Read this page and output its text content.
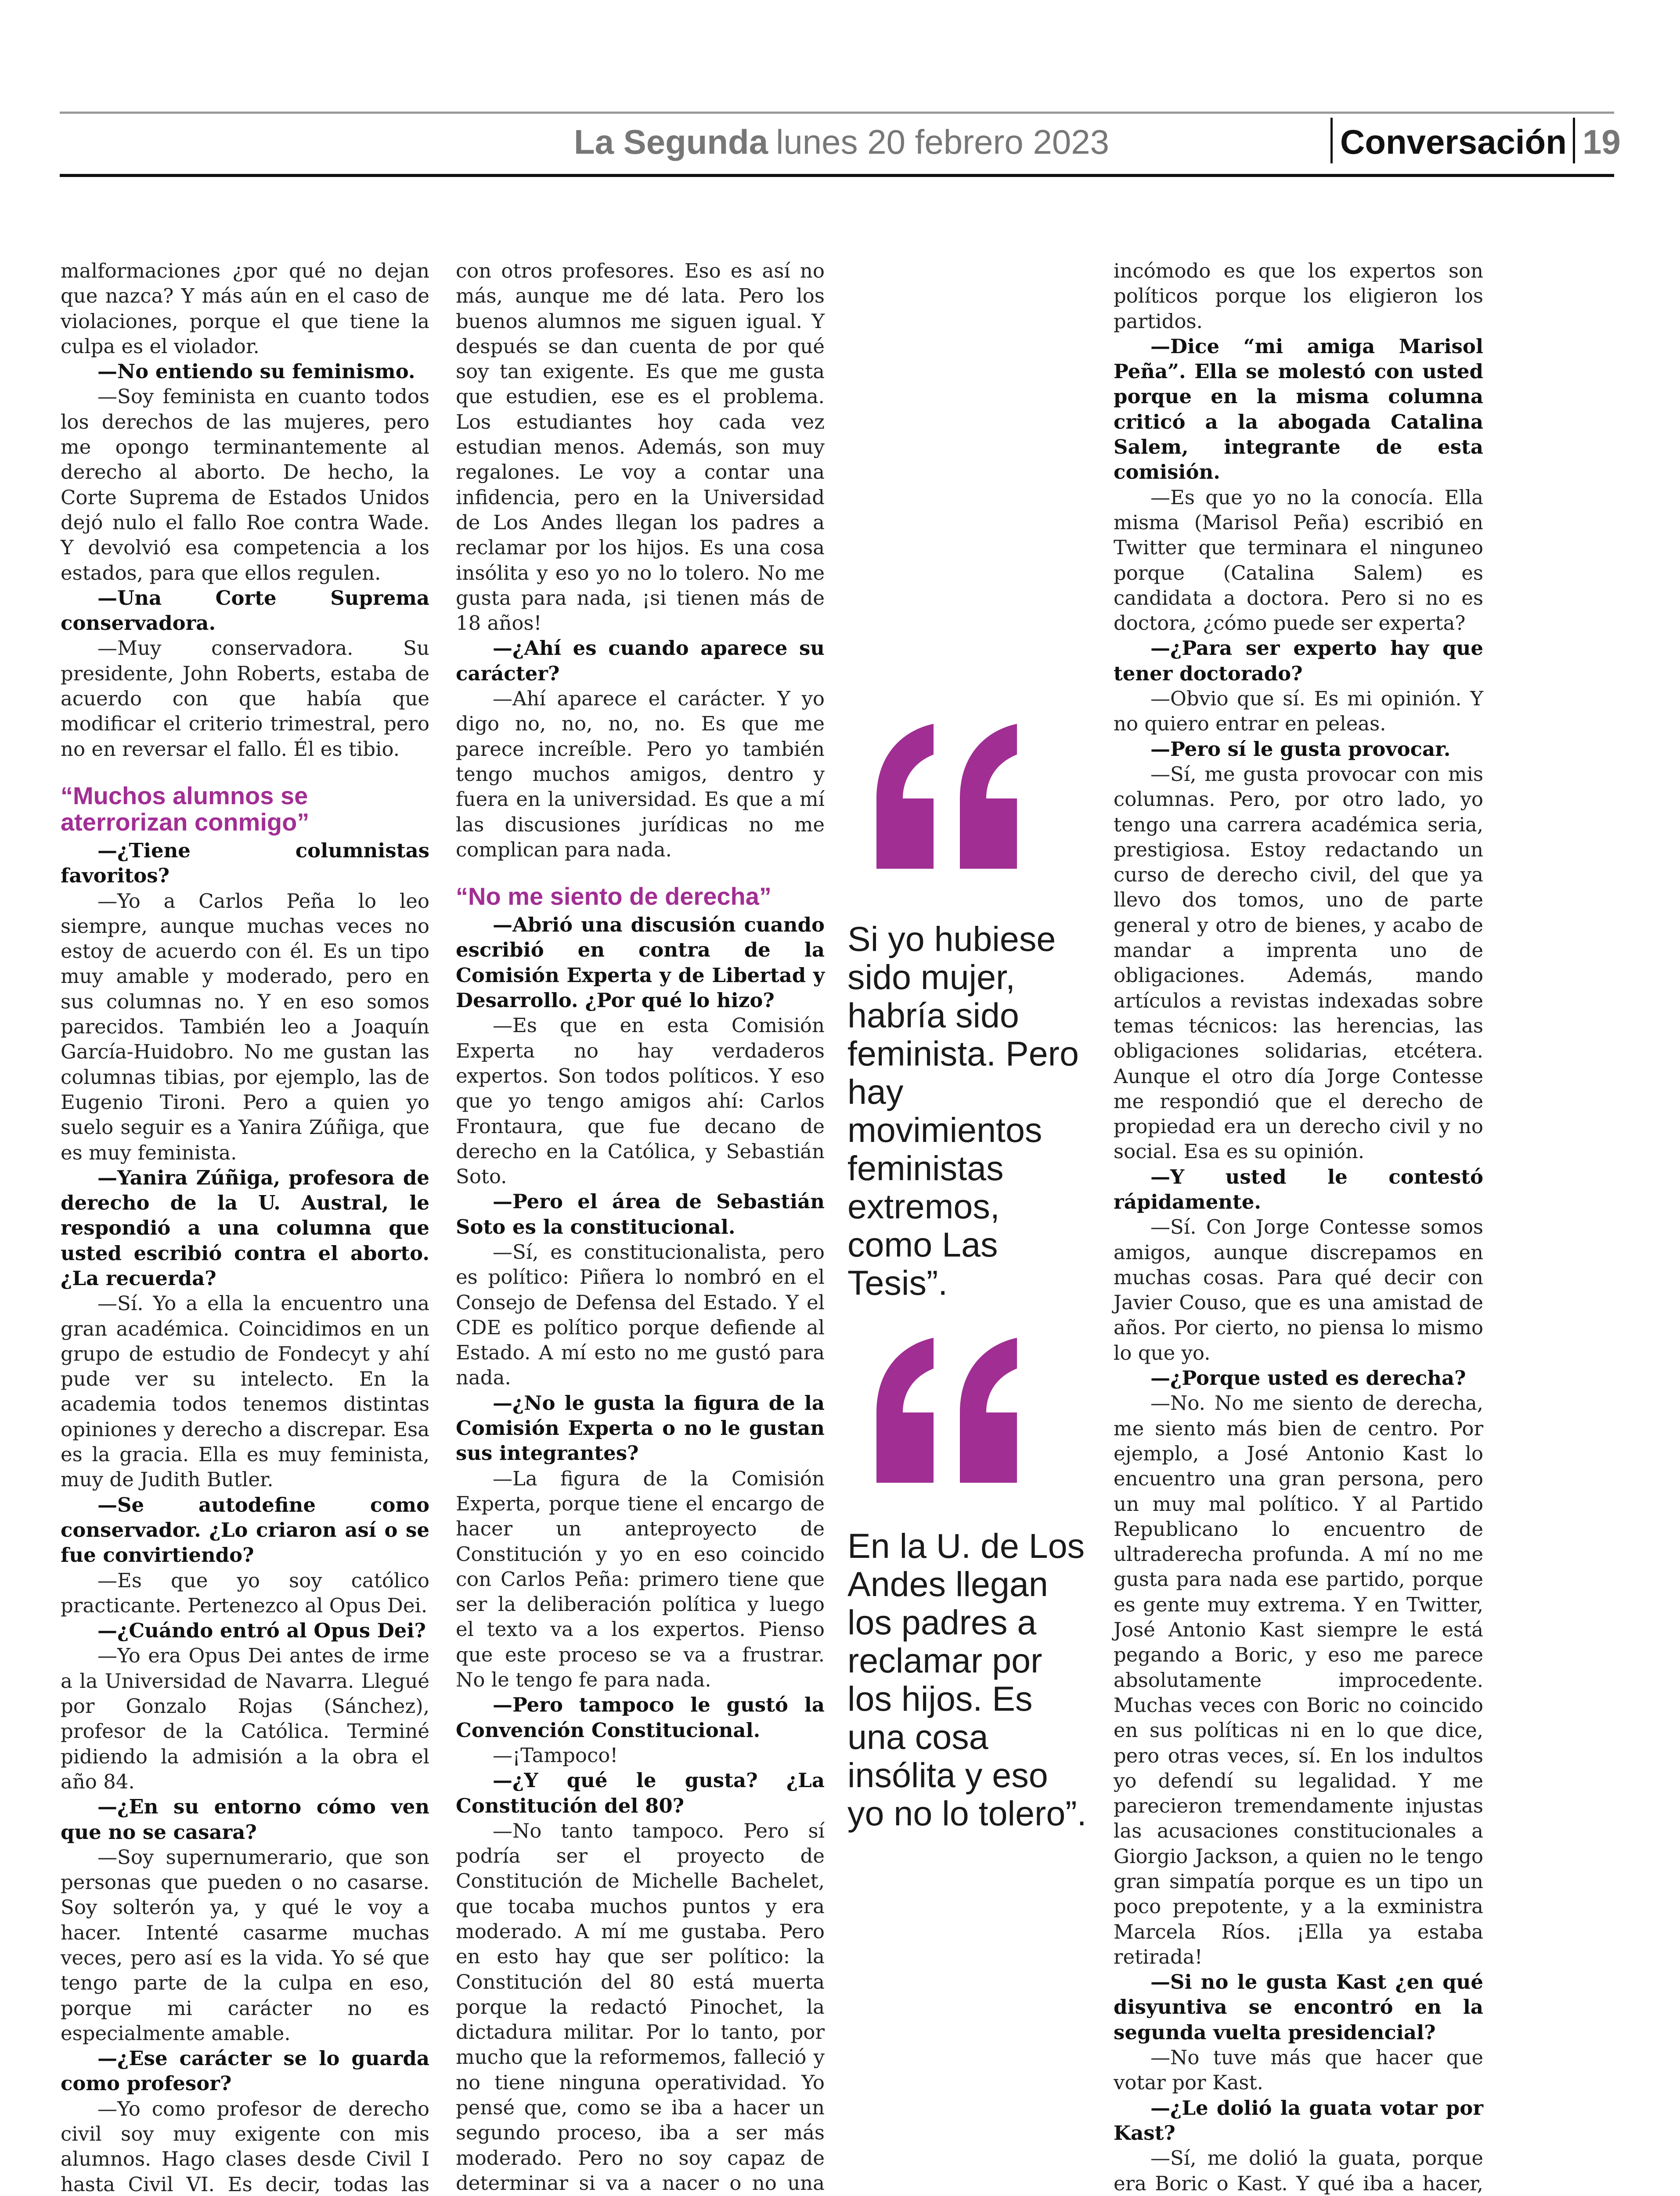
La Segunda lunes 20 febrero 2023	Conversación 19

malformaciones ¿por qué no dejan que nazca? Y más aún en el caso de violaciones, porque el que tiene la culpa es el violador.

—No entiendo su feminismo.

—Soy feminista en cuanto todos los derechos de las mujeres, pero me opongo terminantemente al derecho al aborto. De hecho, la Corte Suprema de Estados Unidos dejó nulo el fallo Roe contra Wade. Y devolvió esa competencia a los estados, para que ellos regulen.

—Una Corte Suprema conservadora.

—Muy conservadora. Su presidente, John Roberts, estaba de acuerdo con que había que modificar el criterio trimestral, pero no en reversar el fallo. Él es tibio.

“Muchos alumnos se aterrorizan conmigo”

—¿Tiene columnistas favoritos?

—Yo a Carlos Peña lo leo siempre, aunque muchas veces no estoy de acuerdo con él. Es un tipo muy amable y moderado, pero en sus columnas no. Y en eso somos parecidos. También leo a Joaquín García-Huidobro. No me gustan las columnas tibias, por ejemplo, las de Eugenio Tironi. Pero a quien yo suelo seguir es a Yanira Zúñiga, que es muy feminista.

—Yanira Zúñiga, profesora de derecho de la U. Austral, le respondió a una columna que usted escribió contra el aborto. ¿La recuerda?

—Sí. Yo a ella la encuentro una gran académica. Coincidimos en un grupo de estudio de Fondecyt y ahí pude ver su intelecto. En la academia todos tenemos distintas opiniones y derecho a discrepar. Esa es la gracia. Ella es muy feminista, muy de Judith Butler.

—Se autodefine como conservador. ¿Lo criaron así o se fue convirtiendo?

—Es que yo soy católico practicante. Pertenezco al Opus Dei.

—¿Cuándo entró al Opus Dei?

—Yo era Opus Dei antes de irme a la Universidad de Navarra. Llegué por Gonzalo Rojas (Sánchez), profesor de la Católica. Terminé pidiendo la admisión a la obra el año 84.

—¿En su entorno cómo ven que no se casara?

—Soy supernumerario, que son personas que pueden o no casarse. Soy solterón ya, y qué le voy a hacer. Intenté casarme muchas veces, pero así es la vida. Yo sé que tengo parte de la culpa en eso, porque mi carácter no es especialmente amable.

—¿Ese carácter se lo guarda como profesor?

—Yo como profesor de derecho civil soy muy exigente con mis alumnos. Hago clases desde Civil I hasta Civil VI. Es decir, todas las

con otros profesores. Eso es así no más, aunque me dé lata. Pero los buenos alumnos me siguen igual. Y después se dan cuenta de por qué soy tan exigente. Es que me gusta que estudien, ese es el problema. Los estudiantes hoy cada vez estudian menos. Además, son muy regalones. Le voy a contar una infidencia, pero en la Universidad de Los Andes llegan los padres a reclamar por los hijos. Es una cosa insólita y eso yo no lo tolero. No me gusta para nada, ¡si tienen más de 18 años!

—¿Ahí es cuando aparece su carácter?

—Ahí aparece el carácter. Y yo digo no, no, no, no. Es que me parece increíble. Pero yo también tengo muchos amigos, dentro y fuera en la universidad. Es que a mí las discusiones jurídicas no me complican para nada.

“No me siento de derecha”

—Abrió una discusión cuando escribió en contra de la Comisión Experta y de Libertad y Desarrollo. ¿Por qué lo hizo?

—Es que en esta Comisión Experta no hay verdaderos expertos. Son todos políticos. Y eso que yo tengo amigos ahí: Carlos Frontaura, que fue decano de derecho en la Católica, y Sebastián Soto.

—Pero el área de Sebastián Soto es la constitucional.

—Sí, es constitucionalista, pero es político: Piñera lo nombró en el Consejo de Defensa del Estado. Y el CDE es político porque defiende al Estado. A mí esto no me gustó para nada.

—¿No le gusta la figura de la Comisión Experta o no le gustan sus integrantes?

—La figura de la Comisión Experta, porque tiene el encargo de hacer un anteproyecto de Constitución y yo en eso coincido con Carlos Peña: primero tiene que ser la deliberación política y luego el texto va a los expertos. Pienso que este proceso se va a frustrar. No le tengo fe para nada.

—Pero tampoco le gustó la Convención Constitucional.

—¡Tampoco!

—¿Y qué le gusta? ¿La Constitución del 80?

—No tanto tampoco. Pero sí podría ser el proyecto de Constitución de Michelle Bachelet, que tocaba muchos puntos y era moderado. A mí me gustaba. Pero en esto hay que ser político: la Constitución del 80 está muerta porque la redactó Pinochet, la dictadura militar. Por lo tanto, por mucho que la reformemos, falleció y no tiene ninguna operatividad. Yo pensé que, como se iba a hacer un segundo proceso, iba a ser más moderado. Pero no soy capaz de determinar si va a nacer o no una

Si yo hubiese sido mujer, habría sido feminista. Pero hay movimientos feministas extremos, como Las Tesis”.
En la U. de Los Andes llegan los padres a reclamar por los hijos. Es una cosa insólita y eso yo no lo tolero”.

incómodo es que los expertos son políticos porque los eligieron los partidos.

—Dice “mi amiga Marisol Peña”. Ella se molestó con usted porque en la misma columna criticó a la abogada Catalina Salem, integrante de esta comisión.

—Es que yo no la conocía. Ella misma (Marisol Peña) escribió en Twitter que terminara el ninguneo porque (Catalina Salem) es candidata a doctora. Pero si no es doctora, ¿cómo puede ser experta?

—¿Para ser experto hay que tener doctorado?

—Obvio que sí. Es mi opinión. Y no quiero entrar en peleas.

—Pero sí le gusta provocar.

—Sí, me gusta provocar con mis columnas. Pero, por otro lado, yo tengo una carrera académica seria, prestigiosa. Estoy redactando un curso de derecho civil, del que ya llevo dos tomos, uno de parte general y otro de bienes, y acabo de mandar a imprenta uno de obligaciones. Además, mando artículos a revistas indexadas sobre temas técnicos: las herencias, las obligaciones solidarias, etcétera. Aunque el otro día Jorge Contesse me respondió que el derecho de propiedad era un derecho civil y no social. Esa es su opinión.

—Y usted le contestó rápidamente.

—Sí. Con Jorge Contesse somos amigos, aunque discrepamos en muchas cosas. Para qué decir con Javier Couso, que es una amistad de años. Por cierto, no piensa lo mismo lo que yo.

—¿Porque usted es derecha?

—No. No me siento de derecha, me siento más bien de centro. Por ejemplo, a José Antonio Kast lo encuentro una gran persona, pero un muy mal político. Y al Partido Republicano lo encuentro de ultraderecha profunda. A mí no me gusta para nada ese partido, porque es gente muy extrema. Y en Twitter, José Antonio Kast siempre le está pegando a Boric, y eso me parece absolutamente improcedente. Muchas veces con Boric no coincido en sus políticas ni en lo que dice, pero otras veces, sí. En los indultos yo defendí su legalidad. Y me parecieron tremendamente injustas las acusaciones constitucionales a Giorgio Jackson, a quien no le tengo gran simpatía porque es un tipo un poco prepotente, y a la exministra Marcela Ríos. ¡Ella ya estaba retirada!

—Si no le gusta Kast ¿en qué disyuntiva se encontró en la segunda vuelta presidencial?

—No tuve más que hacer que votar por Kast.

—¿Le dolió la guata votar por Kast?

—Sí, me dolió la guata, porque era Boric o Kast. Y qué iba a hacer,
